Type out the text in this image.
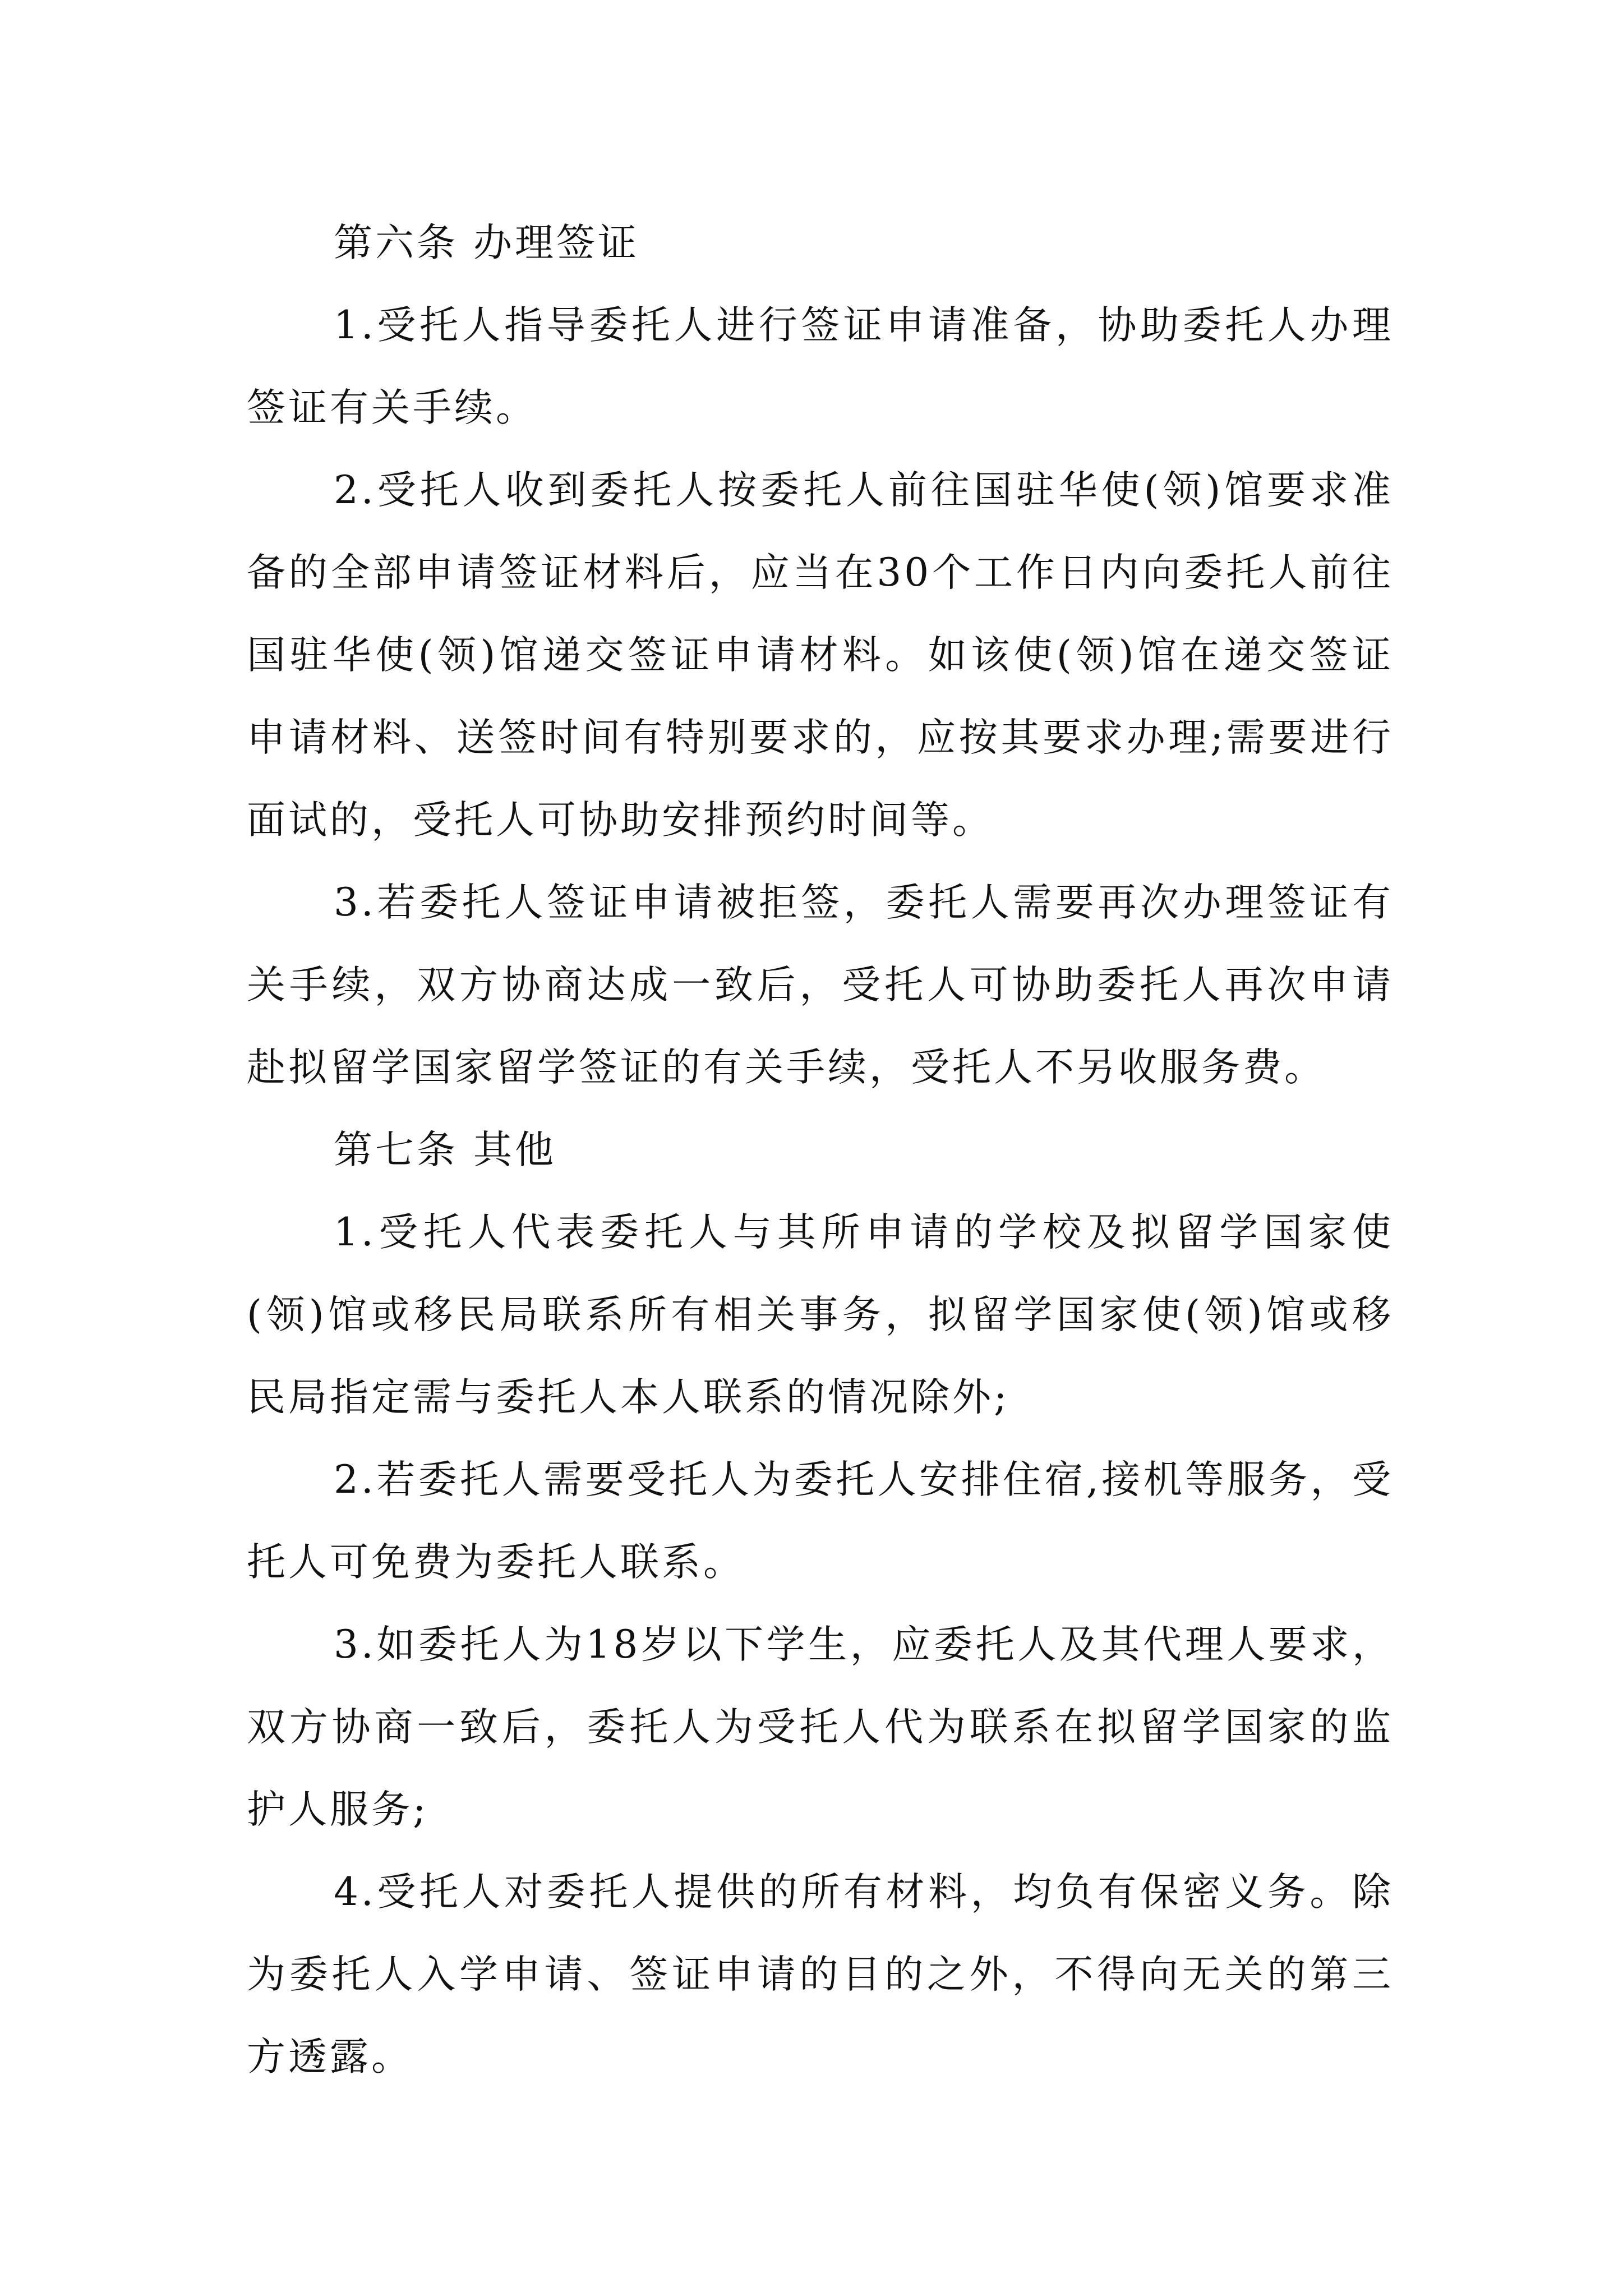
第六条 办理签证

1.受托人指导委托人进行签证申请准备，协助委托人办理签证有关手续。

2.受托人收到委托人按委托人前往国驻华使(领)馆要求准备的全部申请签证材料后，应当在30个工作日内向委托人前往国驻华使(领)馆递交签证申请材料。如该使(领)馆在递交签证申请材料、送签时间有特别要求的，应按其要求办理;需要进行面试的，受托人可协助安排预约时间等。

3.若委托人签证申请被拒签，委托人需要再次办理签证有关手续，双方协商达成一致后，受托人可协助委托人再次申请赴拟留学国家留学签证的有关手续，受托人不另收服务费。

第七条 其他

1.受托人代表委托人与其所申请的学校及拟留学国家使(领)馆或移民局联系所有相关事务，拟留学国家使(领)馆或移民局指定需与委托人本人联系的情况除外;

2.若委托人需要受托人为委托人安排住宿,接机等服务，受托人可免费为委托人联系。

3.如委托人为18岁以下学生，应委托人及其代理人要求，双方协商一致后，委托人为受托人代为联系在拟留学国家的监护人服务;

4.受托人对委托人提供的所有材料，均负有保密义务。除为委托人入学申请、签证申请的目的之外，不得向无关的第三方透露。
